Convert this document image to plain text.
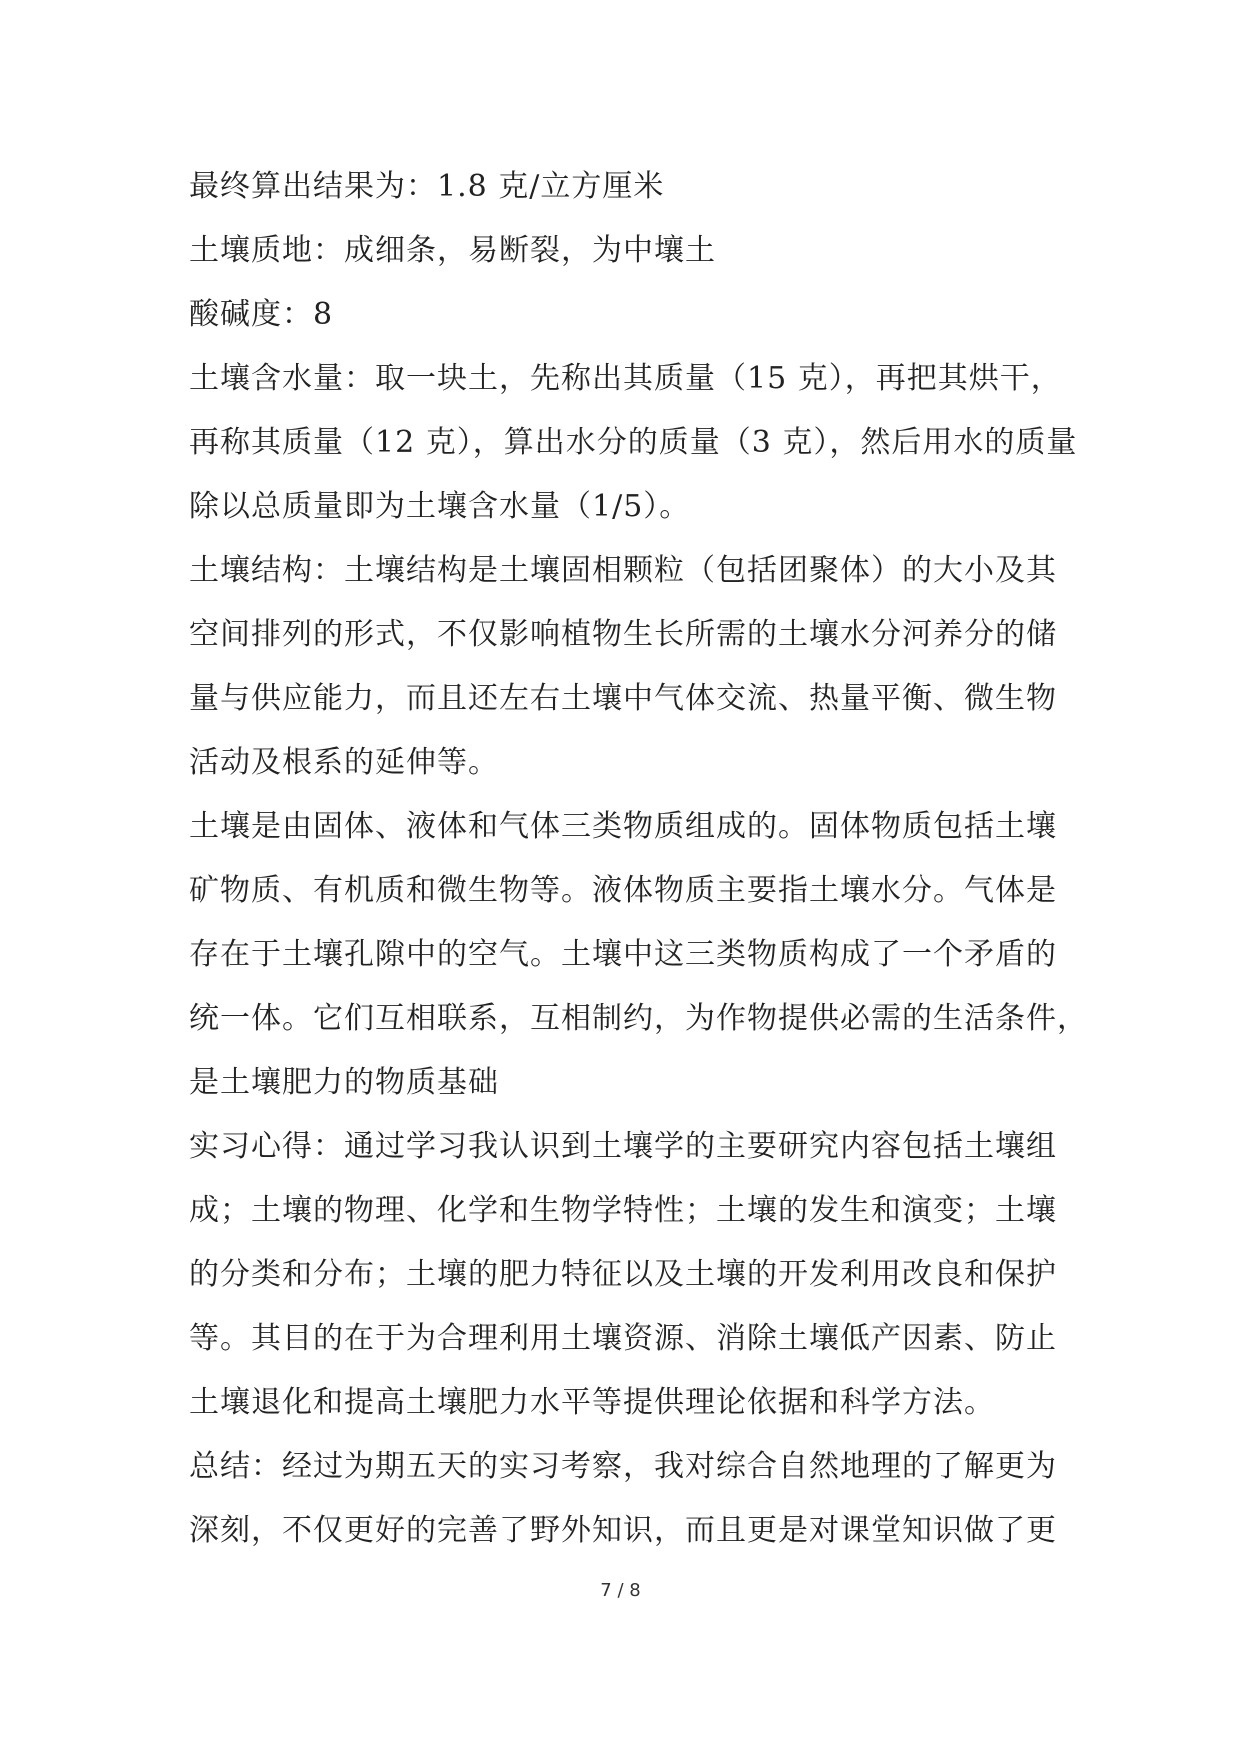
最终算出结果为：1.8 克/立方厘米
土壤质地：成细条，易断裂，为中壤土
酸碱度：8
土壤含水量：取一块土，先称出其质量（15 克），再把其烘干，
再称其质量（12 克），算出水分的质量（3 克），然后用水的质量
除以总质量即为土壤含水量（1/5）。
土壤结构：土壤结构是土壤固相颗粒（包括团聚体）的大小及其
空间排列的形式，不仅影响植物生长所需的土壤水分河养分的储
量与供应能力，而且还左右土壤中气体交流、热量平衡、微生物
活动及根系的延伸等。
土壤是由固体、液体和气体三类物质组成的。固体物质包括土壤
矿物质、有机质和微生物等。液体物质主要指土壤水分。气体是
存在于土壤孔隙中的空气。土壤中这三类物质构成了一个矛盾的
统一体。它们互相联系，互相制约，为作物提供必需的生活条件，
是土壤肥力的物质基础
实习心得：通过学习我认识到土壤学的主要研究内容包括土壤组
成；土壤的物理、化学和生物学特性；土壤的发生和演变；土壤
的分类和分布；土壤的肥力特征以及土壤的开发利用改良和保护
等。其目的在于为合理利用土壤资源、消除土壤低产因素、防止
土壤退化和提高土壤肥力水平等提供理论依据和科学方法。
总结：经过为期五天的实习考察，我对综合自然地理的了解更为
深刻，不仅更好的完善了野外知识，而且更是对课堂知识做了更
7 / 8
